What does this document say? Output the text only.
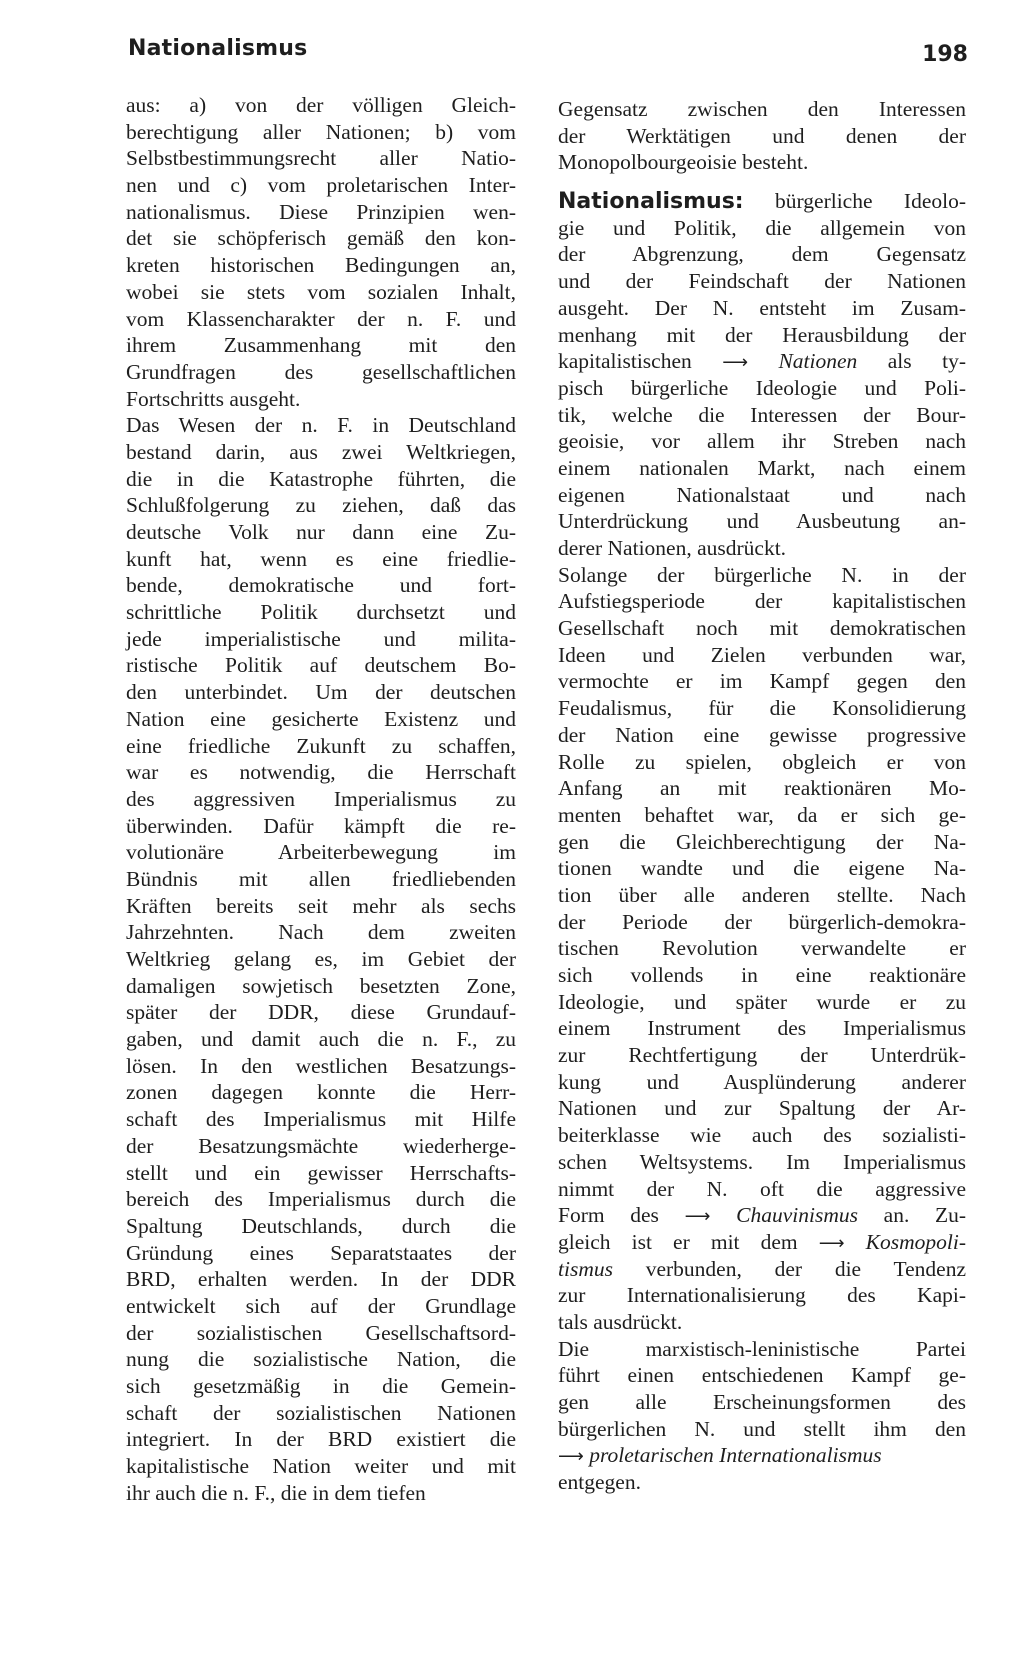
Nationalismus	198
aus: a) von der völligen Gleich-
berechtigung aller Nationen; b) vom
Selbstbestimmungsrecht aller Natio-
nen und c) vom proletarischen Inter-
nationalismus. Diese Prinzipien wen-
det sie schöpferisch gemäß den kon-
kreten historischen Bedingungen an,
wobei sie stets vom sozialen Inhalt,
vom Klassencharakter der n. F. und
ihrem Zusammenhang mit den
Grundfragen des gesellschaftlichen
Fortschritts ausgeht.
Das Wesen der n. F. in Deutschland
bestand darin, aus zwei Weltkriegen,
die in die Katastrophe führten, die
Schlußfolgerung zu ziehen, daß das
deutsche Volk nur dann eine Zu-
kunft hat, wenn es eine friedlie-
bende, demokratische und fort-
schrittliche Politik durchsetzt und
jede imperialistische und milita-
ristische Politik auf deutschem Bo-
den unterbindet. Um der deutschen
Nation eine gesicherte Existenz und
eine friedliche Zukunft zu schaffen,
war es notwendig, die Herrschaft
des aggressiven Imperialismus zu
überwinden. Dafür kämpft die re-
volutionäre Arbeiterbewegung im
Bündnis mit allen friedliebenden
Kräften bereits seit mehr als sechs
Jahrzehnten. Nach dem zweiten
Weltkrieg gelang es, im Gebiet der
damaligen sowjetisch besetzten Zone,
später der DDR, diese Grundauf-
gaben, und damit auch die n. F., zu
lösen. In den westlichen Besatzungs-
zonen dagegen konnte die Herr-
schaft des Imperialismus mit Hilfe
der Besatzungsmächte wiederherge-
stellt und ein gewisser Herrschafts-
bereich des Imperialismus durch die
Spaltung Deutschlands, durch die
Gründung eines Separatstaates der
BRD, erhalten werden. In der DDR
entwickelt sich auf der Grundlage
der sozialistischen Gesellschaftsord-
nung die sozialistische Nation, die
sich gesetzmäßig in die Gemein-
schaft der sozialistischen Nationen
integriert. In der BRD existiert die
kapitalistische Nation weiter und mit
ihr auch die n. F., die in dem tiefen
Gegensatz zwischen den Interessen
der Werktätigen und denen der
Monopolbourgeoisie besteht.
Nationalismus: bürgerliche Ideolo-
gie und Politik, die allgemein von
der Abgrenzung, dem Gegensatz
und der Feindschaft der Nationen
ausgeht. Der N. entsteht im Zusam-
menhang mit der Herausbildung der
kapitalistischen ⟶ Nationen als ty-
pisch bürgerliche Ideologie und Poli-
tik, welche die Interessen der Bour-
geoisie, vor allem ihr Streben nach
einem nationalen Markt, nach einem
eigenen Nationalstaat und nach
Unterdrückung und Ausbeutung an-
derer Nationen, ausdrückt.
Solange der bürgerliche N. in der
Aufstiegsperiode der kapitalistischen
Gesellschaft noch mit demokratischen
Ideen und Zielen verbunden war,
vermochte er im Kampf gegen den
Feudalismus, für die Konsolidierung
der Nation eine gewisse progressive
Rolle zu spielen, obgleich er von
Anfang an mit reaktionären Mo-
menten behaftet war, da er sich ge-
gen die Gleichberechtigung der Na-
tionen wandte und die eigene Na-
tion über alle anderen stellte. Nach
der Periode der bürgerlich-demokra-
tischen Revolution verwandelte er
sich vollends in eine reaktionäre
Ideologie, und später wurde er zu
einem Instrument des Imperialismus
zur Rechtfertigung der Unterdrük-
kung und Ausplünderung anderer
Nationen und zur Spaltung der Ar-
beiterklasse wie auch des sozialisti-
schen Weltsystems. Im Imperialismus
nimmt der N. oft die aggressive
Form des ⟶ Chauvinismus an. Zu-
gleich ist er mit dem ⟶ Kosmopoli-
tismus verbunden, der die Tendenz
zur Internationalisierung des Kapi-
tals ausdrückt.
Die marxistisch-leninistische Partei
führt einen entschiedenen Kampf ge-
gen alle Erscheinungsformen des
bürgerlichen N. und stellt ihm den
⟶ proletarischen Internationalismus
entgegen.
